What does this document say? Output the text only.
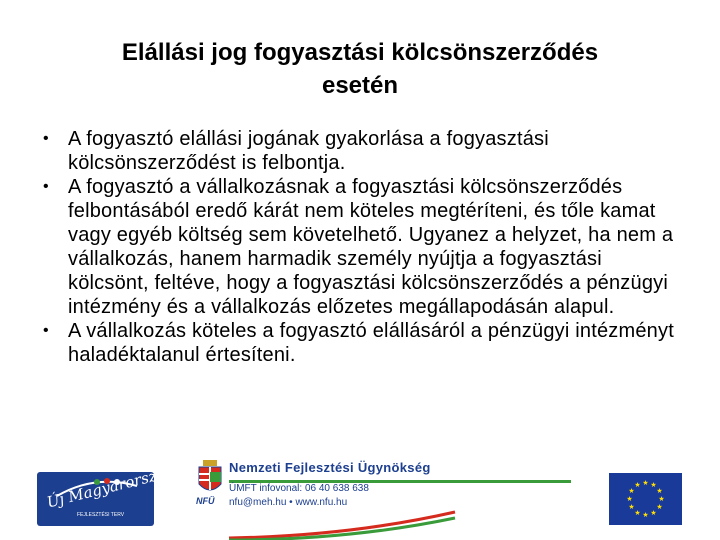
Elállási jog fogyasztási kölcsönszerződés
esetén
• A fogyasztó elállási jogának gyakorlása a fogyasztási kölcsönszerződést is felbontja.
• A fogyasztó a vállalkozásnak a fogyasztási kölcsönszerződés felbontásából eredő kárát nem köteles megtéríteni, és tőle kamat vagy egyéb költség sem követelhető. Ugyanez a helyzet, ha nem a vállalkozás, hanem harmadik személy nyújtja a fogyasztási kölcsönt, feltéve, hogy a fogyasztási kölcsönszerződés a pénzügyi intézmény és a vállalkozás előzetes megállapodásán alapul.
• A vállalkozás köteles a fogyasztó elállásáról a pénzügyi intézményt haladéktalanul értesíteni.
Új Magyarország
FEJLESZTÉSI TERV
NFÜ
Nemzeti Fejlesztési Ügynökség
ÚMFT infovonal: 06 40 638 638
nfu@meh.hu • www.nfu.hu
★ ★
★
★
★
★
★
★
★
★
★
★
